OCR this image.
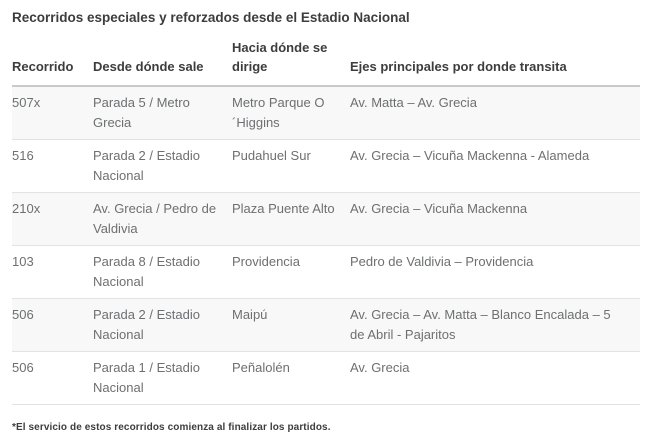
Recorridos especiales y reforzados desde el Estadio Nacional
Recorrido	Desde dónde sale	Hacia dónde se dirige	Ejes principales por donde transita
507x	Parada 5 / Metro Grecia	Metro Parque O ´Higgins	Av. Matta – Av. Grecia
516	Parada 2 / Estadio Nacional	Pudahuel Sur	Av. Grecia – Vicuña Mackenna - Alameda
210x	Av. Grecia / Pedro de Valdivia	Plaza Puente Alto	Av. Grecia – Vicuña Mackenna
103	Parada 8 / Estadio Nacional	Providencia	Pedro de Valdivia – Providencia
506	Parada 2 / Estadio Nacional	Maipú	Av. Grecia – Av. Matta – Blanco Encalada – 5 de Abril - Pajaritos
506	Parada 1 / Estadio Nacional	Peñalolén	Av. Grecia

*El servicio de estos recorridos comienza al finalizar los partidos.
